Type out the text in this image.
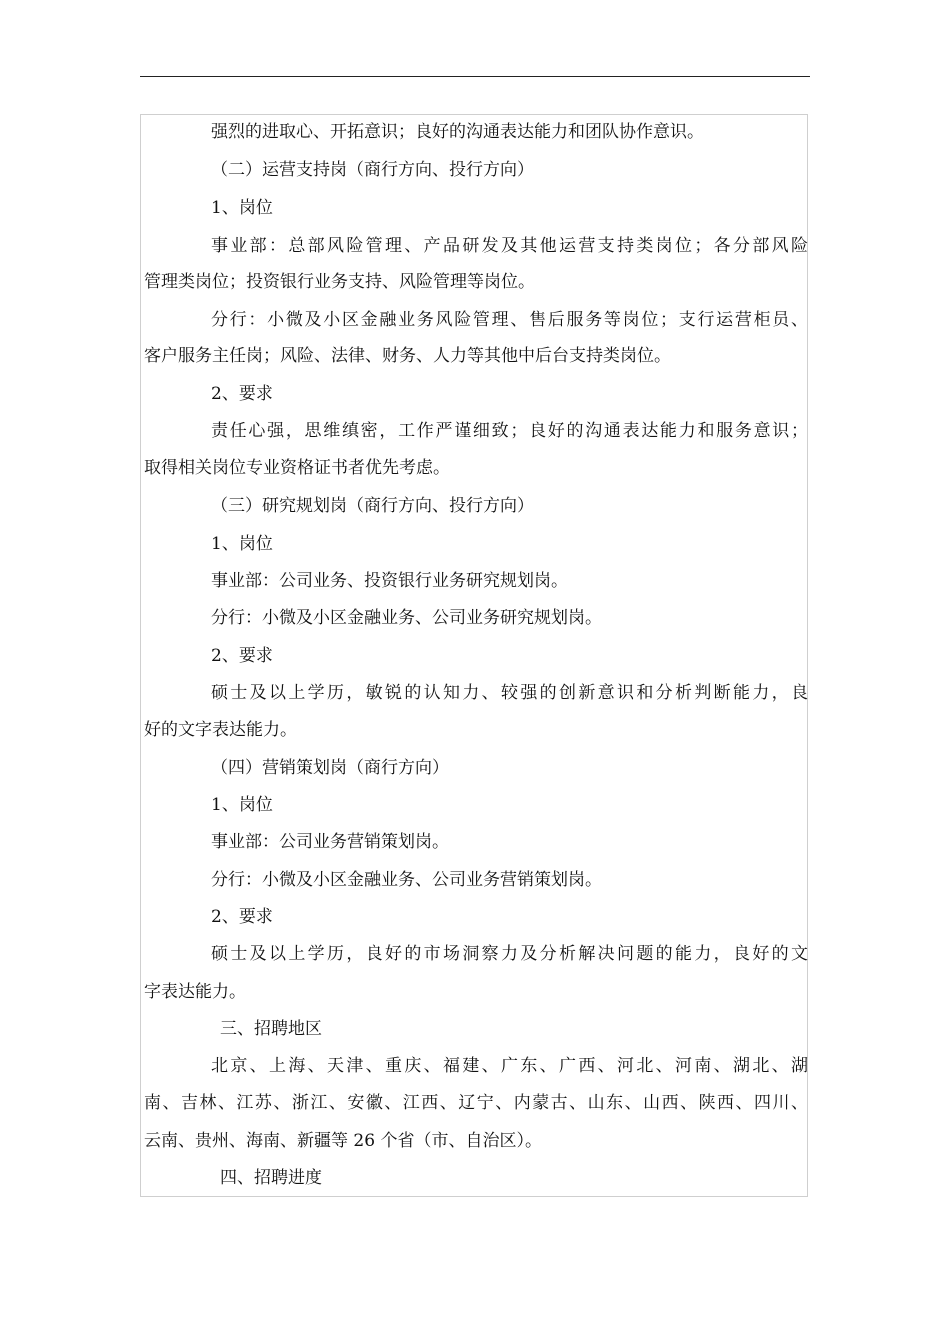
强烈的进取心、开拓意识；良好的沟通表达能力和团队协作意识。
（二）运营支持岗（商行方向、投行方向）
1、岗位
事业部：总部风险管理、产品研发及其他运营支持类岗位；各分部风险
管理类岗位；投资银行业务支持、风险管理等岗位。
分行：小微及小区金融业务风险管理、售后服务等岗位；支行运营柜员、
客户服务主任岗；风险、法律、财务、人力等其他中后台支持类岗位。
2、要求
责任心强，思维缜密，工作严谨细致；良好的沟通表达能力和服务意识；
取得相关岗位专业资格证书者优先考虑。
（三）研究规划岗（商行方向、投行方向）
1、岗位
事业部：公司业务、投资银行业务研究规划岗。
分行：小微及小区金融业务、公司业务研究规划岗。
2、要求
硕士及以上学历，敏锐的认知力、较强的创新意识和分析判断能力，良
好的文字表达能力。
（四）营销策划岗（商行方向）
1、岗位
事业部：公司业务营销策划岗。
分行：小微及小区金融业务、公司业务营销策划岗。
2、要求
硕士及以上学历，良好的市场洞察力及分析解决问题的能力，良好的文
字表达能力。
三、招聘地区
北京、上海、天津、重庆、福建、广东、广西、河北、河南、湖北、湖
南、吉林、江苏、浙江、安徽、江西、辽宁、内蒙古、山东、山西、陕西、四川、
云南、贵州、海南、新疆等 26 个省（市、自治区）。
四、招聘进度
